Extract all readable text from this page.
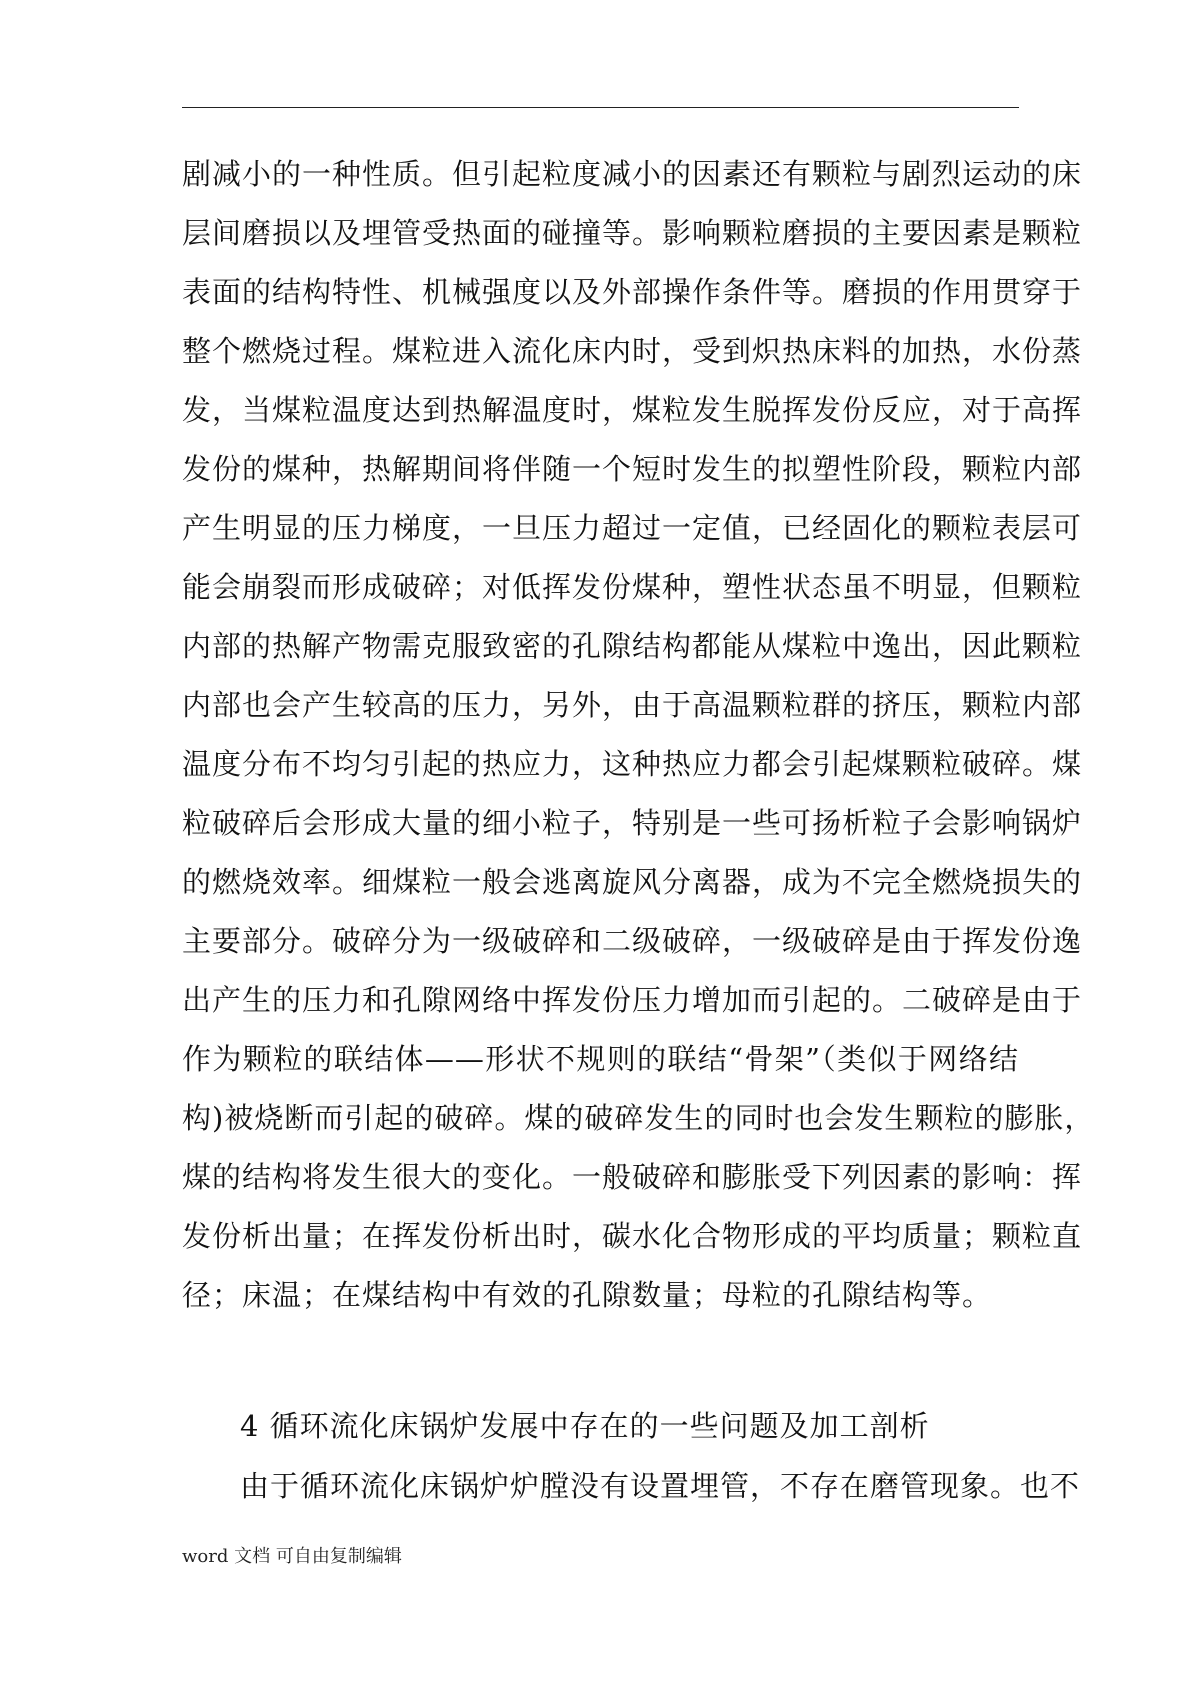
剧减小的一种性质。但引起粒度减小的因素还有颗粒与剧烈运动的床
层间磨损以及埋管受热面的碰撞等。影响颗粒磨损的主要因素是颗粒
表面的结构特性、机械强度以及外部操作条件等。磨损的作用贯穿于
整个燃烧过程。煤粒进入流化床内时，受到炽热床料的加热，水份蒸
发，当煤粒温度达到热解温度时，煤粒发生脱挥发份反应，对于高挥
发份的煤种，热解期间将伴随一个短时发生的拟塑性阶段，颗粒内部
产生明显的压力梯度，一旦压力超过一定值，已经固化的颗粒表层可
能会崩裂而形成破碎；对低挥发份煤种，塑性状态虽不明显，但颗粒
内部的热解产物需克服致密的孔隙结构都能从煤粒中逸出，因此颗粒
内部也会产生较高的压力，另外，由于高温颗粒群的挤压，颗粒内部
温度分布不均匀引起的热应力，这种热应力都会引起煤颗粒破碎。煤
粒破碎后会形成大量的细小粒子，特别是一些可扬析粒子会影响锅炉
的燃烧效率。细煤粒一般会逃离旋风分离器，成为不完全燃烧损失的
主要部分。破碎分为一级破碎和二级破碎，一级破碎是由于挥发份逸
出产生的压力和孔隙网络中挥发份压力增加而引起的。二破碎是由于
作为颗粒的联结体——形状不规则的联结“骨架”（类似于网络结
构)被烧断而引起的破碎。煤的破碎发生的同时也会发生颗粒的膨胀，
煤的结构将发生很大的变化。一般破碎和膨胀受下列因素的影响：挥
发份析出量；在挥发份析出时，碳水化合物形成的平均质量；颗粒直
径；床温；在煤结构中有效的孔隙数量；母粒的孔隙结构等。
4 循环流化床锅炉发展中存在的一些问题及加工剖析
由于循环流化床锅炉炉膛没有设置埋管，不存在磨管现象。也不
word 文档 可自由复制编辑
